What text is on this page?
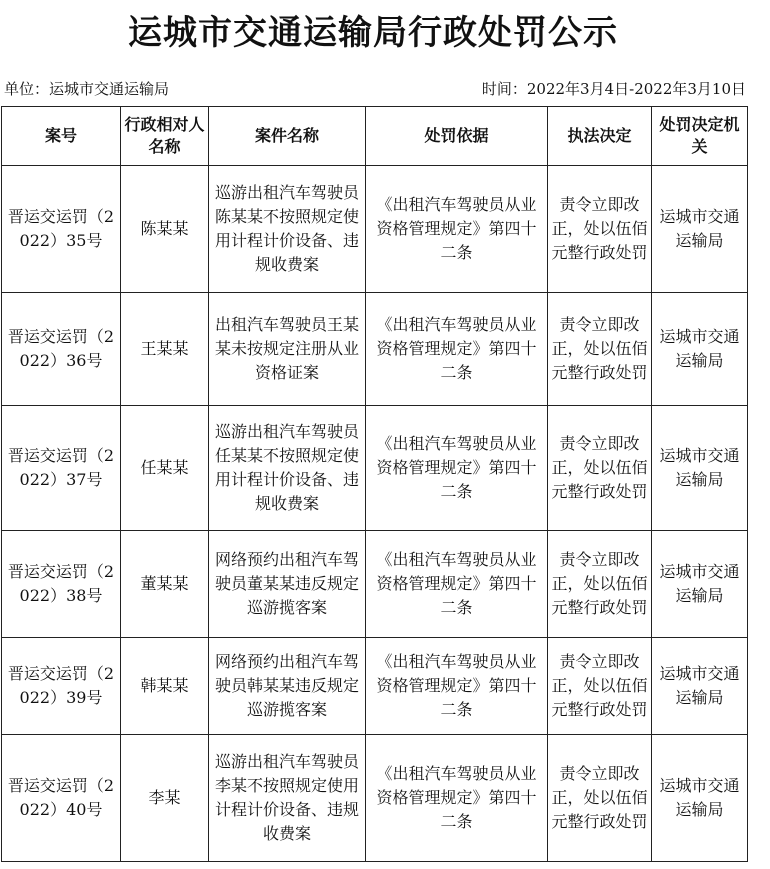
运城市交通运输局行政处罚公示
单位：运城市交通运输局	时间：2022年3月4日-2022年3月10日
案号	行政相对人名称	案件名称	处罚依据	执法决定	处罚决定机关
晋运交运罚（2022）35号	陈某某	巡游出租汽车驾驶员陈某某不按照规定使用计程计价设备、违规收费案	《出租汽车驾驶员从业资格管理规定》第四十二条	责令立即改正，处以伍佰元整行政处罚	运城市交通运输局
晋运交运罚（2022）36号	王某某	出租汽车驾驶员王某某未按规定注册从业资格证案	《出租汽车驾驶员从业资格管理规定》第四十二条	责令立即改正，处以伍佰元整行政处罚	运城市交通运输局
晋运交运罚（2022）37号	任某某	巡游出租汽车驾驶员任某某不按照规定使用计程计价设备、违规收费案	《出租汽车驾驶员从业资格管理规定》第四十二条	责令立即改正，处以伍佰元整行政处罚	运城市交通运输局
晋运交运罚（2022）38号	董某某	网络预约出租汽车驾驶员董某某违反规定巡游揽客案	《出租汽车驾驶员从业资格管理规定》第四十二条	责令立即改正，处以伍佰元整行政处罚	运城市交通运输局
晋运交运罚（2022）39号	韩某某	网络预约出租汽车驾驶员韩某某违反规定巡游揽客案	《出租汽车驾驶员从业资格管理规定》第四十二条	责令立即改正，处以伍佰元整行政处罚	运城市交通运输局
晋运交运罚（2022）40号	李某	巡游出租汽车驾驶员李某不按照规定使用计程计价设备、违规收费案	《出租汽车驾驶员从业资格管理规定》第四十二条	责令立即改正，处以伍佰元整行政处罚	运城市交通运输局
